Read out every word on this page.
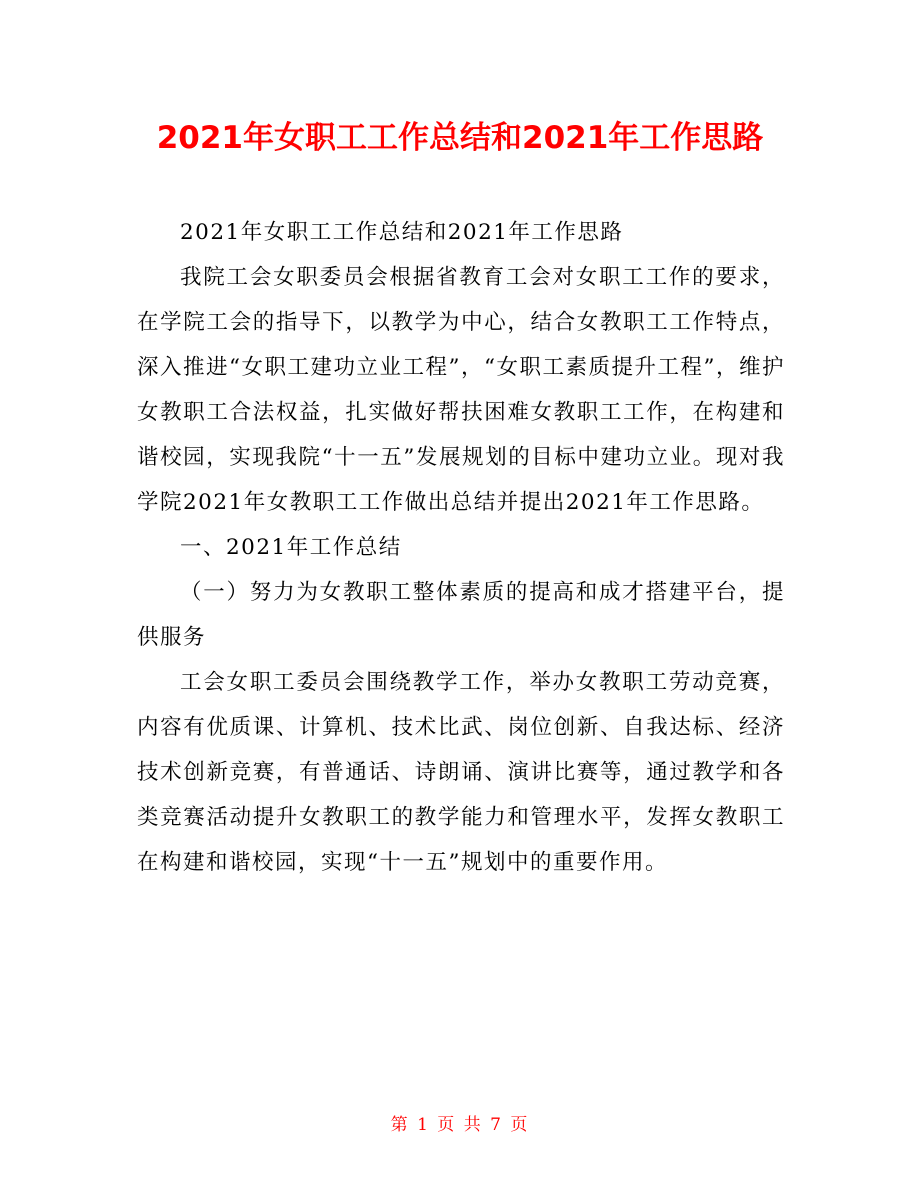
2021年女职工工作总结和2021年工作思路

2021年女职工工作总结和2021年工作思路

我院工会女职委员会根据省教育工会对女职工工作的要求，在学院工会的指导下，以教学为中心，结合女教职工工作特点，深入推进“女职工建功立业工程”，“女职工素质提升工程”，维护女教职工合法权益，扎实做好帮扶困难女教职工工作，在构建和谐校园，实现我院“十一五”发展规划的目标中建功立业。现对我学院2021年女教职工工作做出总结并提出2021年工作思路。

一、2021年工作总结

（一）努力为女教职工整体素质的提高和成才搭建平台，提供服务

工会女职工委员会围绕教学工作，举办女教职工劳动竞赛，内容有优质课、计算机、技术比武、岗位创新、自我达标、经济技术创新竞赛，有普通话、诗朗诵、演讲比赛等，通过教学和各类竞赛活动提升女教职工的教学能力和管理水平，发挥女教职工在构建和谐校园，实现“十一五”规划中的重要作用。

第 1 页 共 7 页
